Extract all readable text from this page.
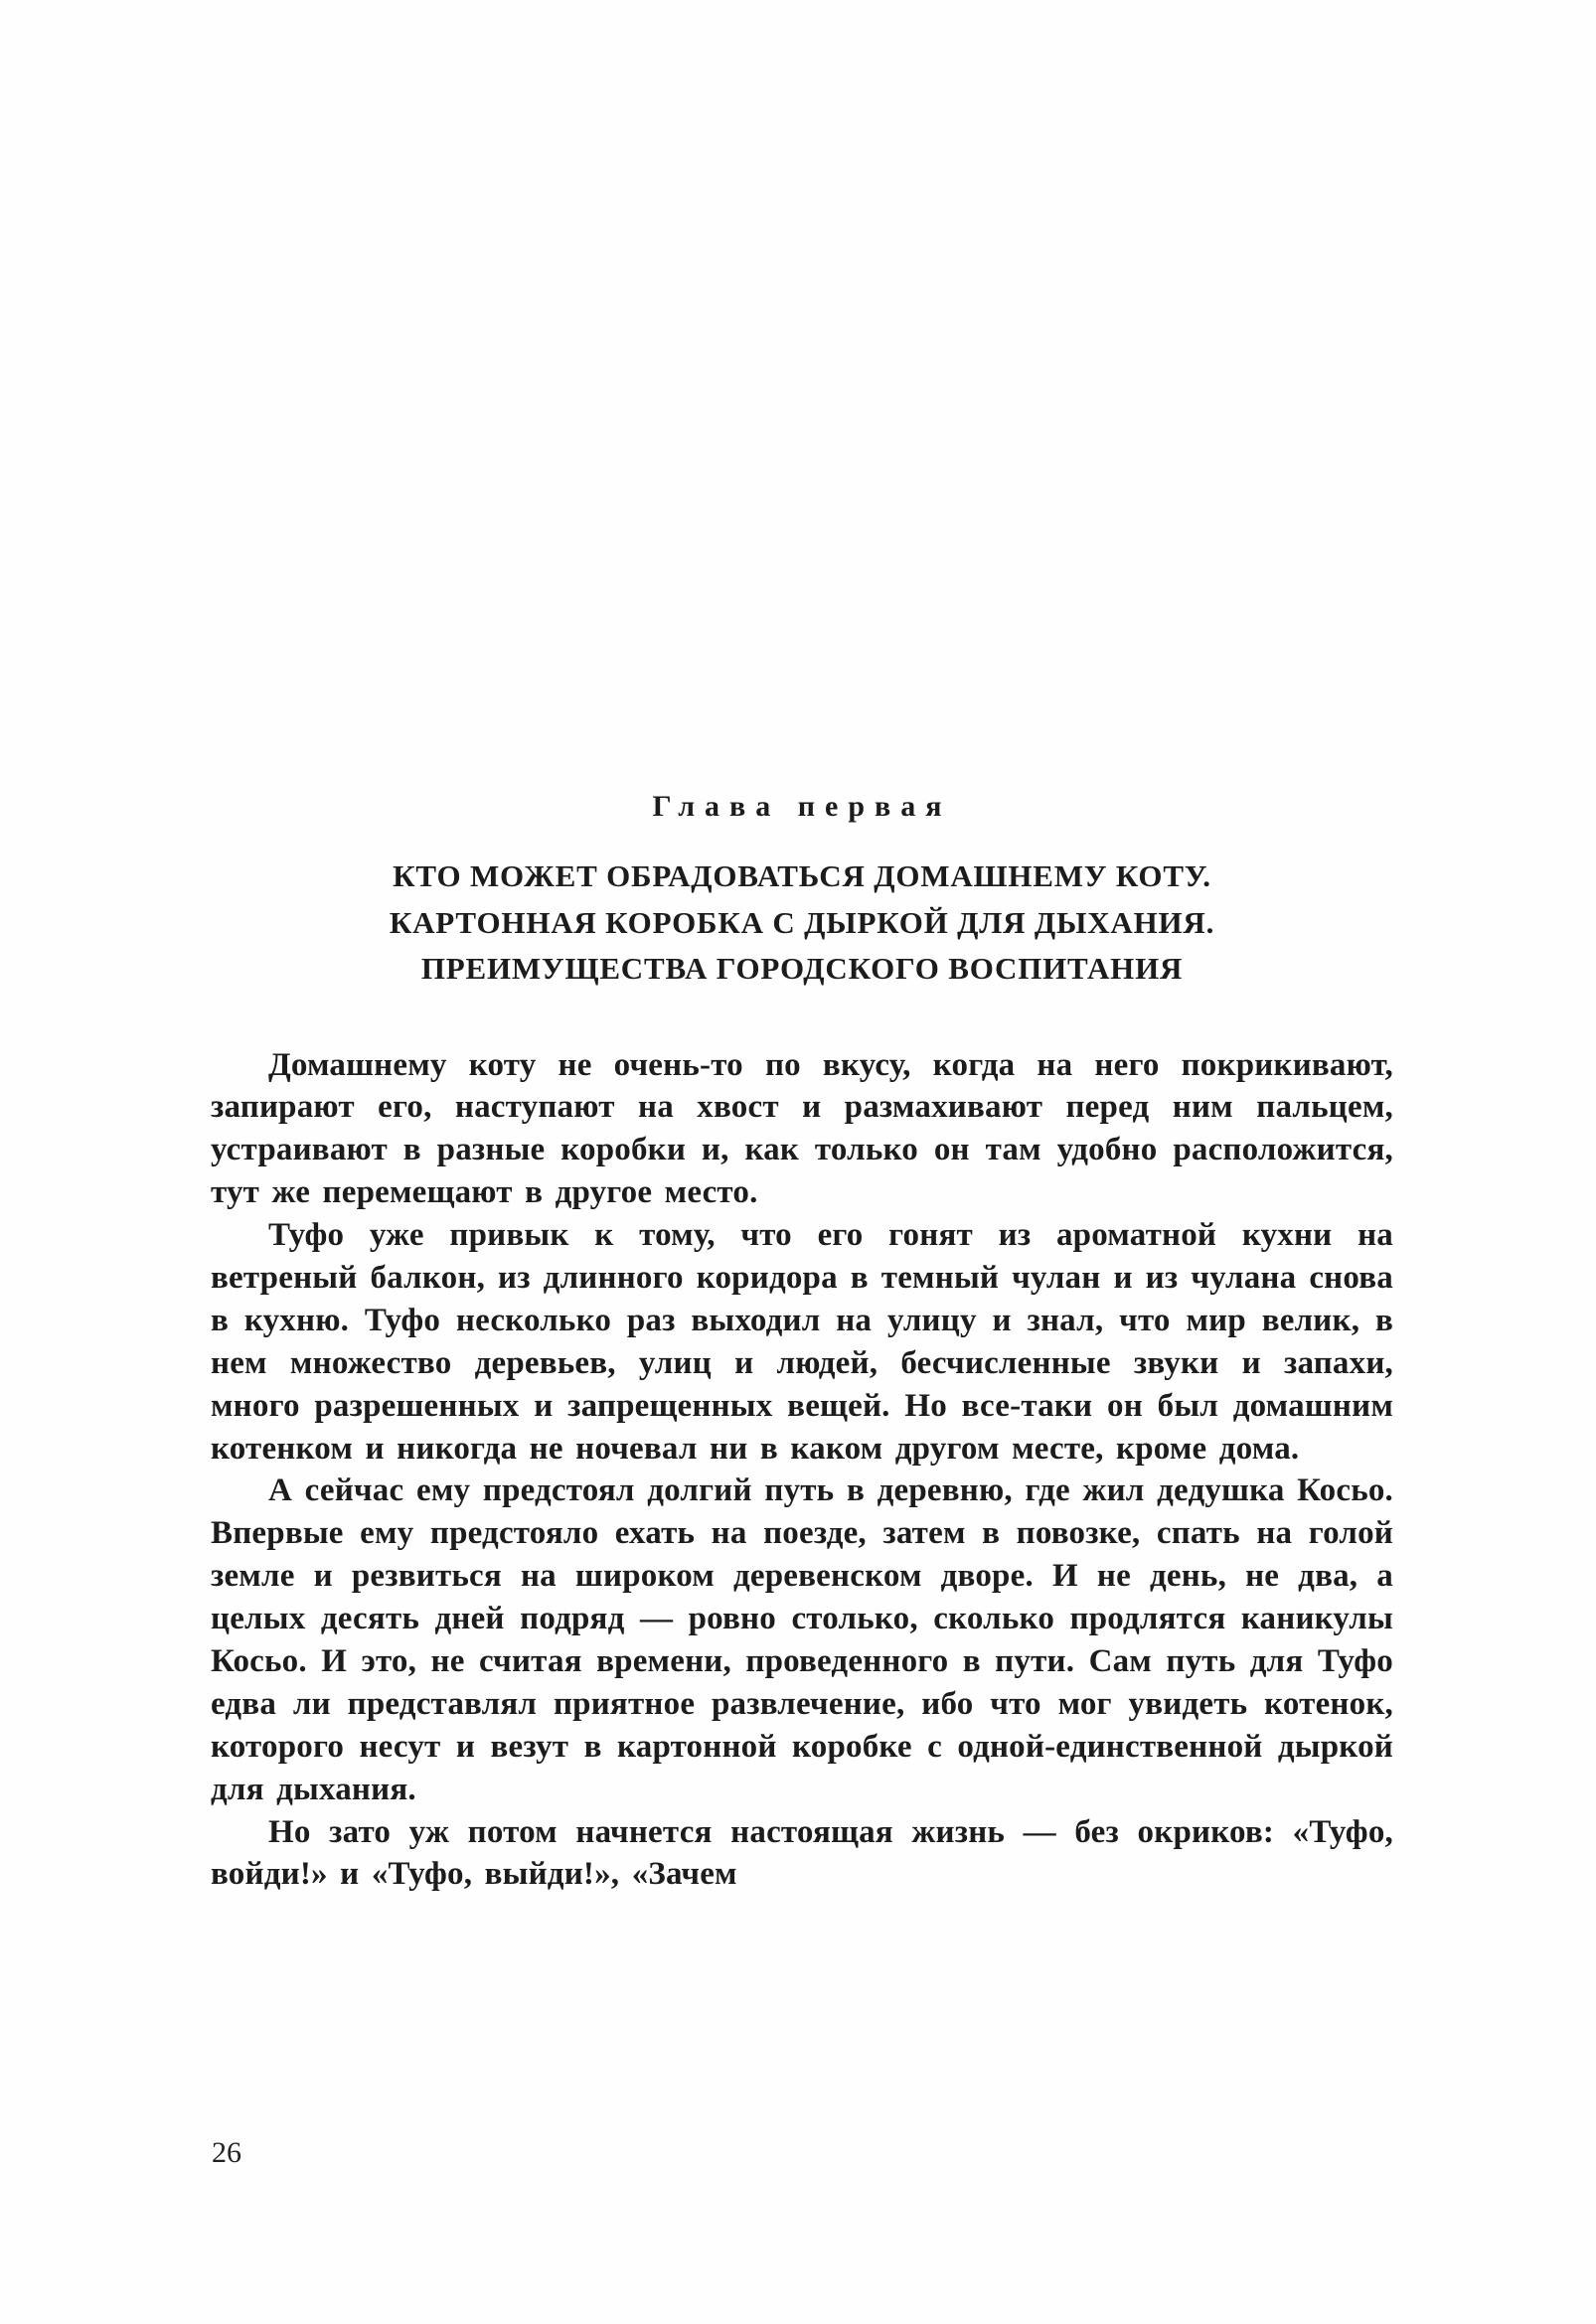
Глава первая
КТО МОЖЕТ ОБРАДОВАТЬСЯ ДОМАШНЕМУ КОТУ.
КАРТОННАЯ КОРОБКА С ДЫРКОЙ ДЛЯ ДЫХАНИЯ.
ПРЕИМУЩЕСТВА ГОРОДСКОГО ВОСПИТАНИЯ

Домашнему коту не очень-то по вкусу, когда на него покрикивают, запирают его, наступают на хвост и размахивают перед ним пальцем, устраивают в разные коробки и, как только он там удобно расположится, тут же перемещают в другое место.

Туфо уже привык к тому, что его гонят из ароматной кухни на ветреный балкон, из длинного коридора в темный чулан и из чулана снова в кухню. Туфо несколько раз выходил на улицу и знал, что мир велик, в нем множество деревьев, улиц и людей, бесчисленные звуки и запахи, много разрешенных и запрещенных вещей. Но все-таки он был домашним котенком и никогда не ночевал ни в каком другом месте, кроме дома.

А сейчас ему предстоял долгий путь в деревню, где жил дедушка Косьо. Впервые ему предстояло ехать на поезде, затем в повозке, спать на голой земле и резвиться на широком деревенском дворе. И не день, не два, а целых десять дней подряд — ровно столько, сколько продлятся каникулы Косьо. И это, не считая времени, проведенного в пути. Сам путь для Туфо едва ли представлял приятное развлечение, ибо что мог увидеть котенок, которого несут и везут в картонной коробке с одной-единственной дыркой для дыхания.

Но зато уж потом начнется настоящая жизнь — без окриков: «Туфо, войди!» и «Туфо, выйди!», «Зачем

26
